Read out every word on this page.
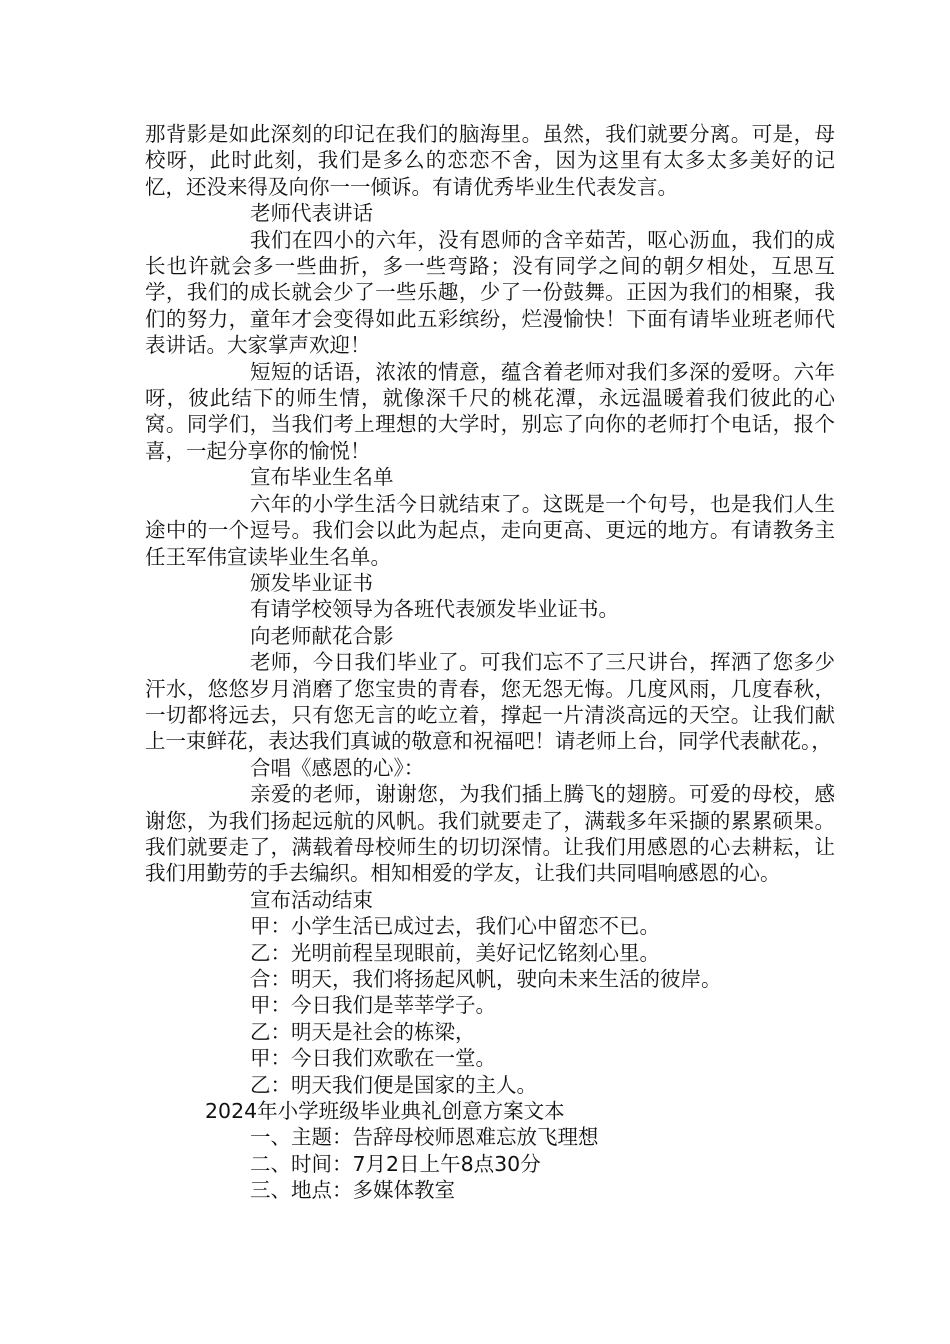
那背影是如此深刻的印记在我们的脑海里。虽然，我们就要分离。可是，母校呀，此时此刻，我们是多么的恋恋不舍，因为这里有太多太多美好的记忆，还没来得及向你一一倾诉。有请优秀毕业生代表发言。

老师代表讲话

我们在四小的六年，没有恩师的含辛茹苦，呕心沥血，我们的成长也许就会多一些曲折，多一些弯路；没有同学之间的朝夕相处，互思互学，我们的成长就会少了一些乐趣，少了一份鼓舞。正因为我们的相聚，我们的努力，童年才会变得如此五彩缤纷，烂漫愉快！下面有请毕业班老师代表讲话。大家掌声欢迎！

短短的话语，浓浓的情意，蕴含着老师对我们多深的爱呀。六年呀，彼此结下的师生情，就像深千尺的桃花潭，永远温暖着我们彼此的心窝。同学们，当我们考上理想的大学时，别忘了向你的老师打个电话，报个喜，一起分享你的愉悦！

宣布毕业生名单

六年的小学生活今日就结束了。这既是一个句号，也是我们人生途中的一个逗号。我们会以此为起点，走向更高、更远的地方。有请教务主任王军伟宣读毕业生名单。

颁发毕业证书

有请学校领导为各班代表颁发毕业证书。

向老师献花合影

老师，今日我们毕业了。可我们忘不了三尺讲台，挥洒了您多少汗水，悠悠岁月消磨了您宝贵的青春，您无怨无悔。几度风雨，几度春秋，一切都将远去，只有您无言的屹立着，撑起一片清淡高远的天空。让我们献上一束鲜花，表达我们真诚的敬意和祝福吧！请老师上台，同学代表献花。，

合唱《感恩的心》：

亲爱的老师，谢谢您，为我们插上腾飞的翅膀。可爱的母校，感谢您，为我们扬起远航的风帆。我们就要走了，满载多年采撷的累累硕果。我们就要走了，满载着母校师生的切切深情。让我们用感恩的心去耕耘，让我们用勤劳的手去编织。相知相爱的学友，让我们共同唱响感恩的心。

宣布活动结束

甲：小学生活已成过去，我们心中留恋不已。

乙：光明前程呈现眼前，美好记忆铭刻心里。

合：明天，我们将扬起风帆，驶向未来生活的彼岸。

甲：今日我们是莘莘学子。

乙：明天是社会的栋梁，

甲：今日我们欢歌在一堂。

乙：明天我们便是国家的主人。

2024年小学班级毕业典礼创意方案文本

一、主题：告辞母校师恩难忘放飞理想

二、时间：7月2日上午8点30分

三、地点：多媒体教室
